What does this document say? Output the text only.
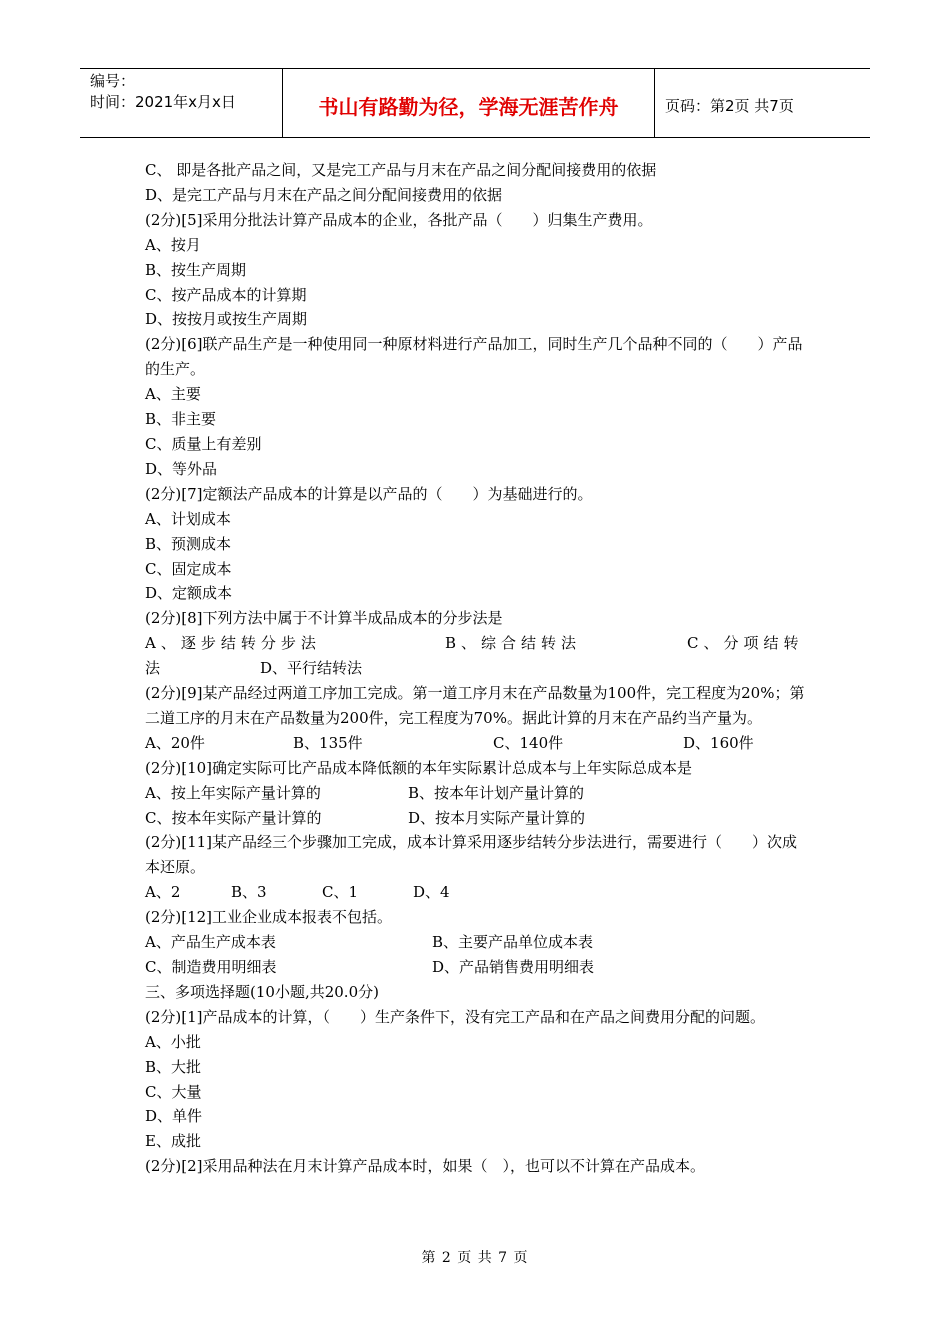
编号：
时间：2021年x月x日	书山有路勤为径，学海无涯苦作舟	页码：第2页 共7页
C、 即是各批产品之间，又是完工产品与月末在产品之间分配间接费用的依据
D、是完工产品与月末在产品之间分配间接费用的依据
(2分)[5]采用分批法计算产品成本的企业，各批产品（　　）归集生产费用。
A、按月
B、按生产周期
C、按产品成本的计算期
D、按按月或按生产周期
(2分)[6]联产品生产是一种使用同一种原材料进行产品加工，同时生产几个品种不同的（　　）产品的生产。
A、主要
B、非主要
C、质量上有差别
D、等外品
(2分)[7]定额法产品成本的计算是以产品的（　　）为基础进行的。
A、计划成本
B、预测成本
C、固定成本
D、定额成本
(2分)[8]下列方法中属于不计算半成品成本的分步法是
A、逐步结转分步法	B、综合结转法	C、分项结转
法	D、平行结转法
(2分)[9]某产品经过两道工序加工完成。第一道工序月末在产品数量为100件，完工程度为20%；第二道工序的月末在产品数量为200件，完工程度为70%。据此计算的月末在产品约当产量为。
A、20件	B、135件	C、140件	D、160件
(2分)[10]确定实际可比产品成本降低额的本年实际累计总成本与上年实际总成本是
A、按上年实际产量计算的	B、按本年计划产量计算的
C、按本年实际产量计算的	D、按本月实际产量计算的
(2分)[11]某产品经三个步骤加工完成，成本计算采用逐步结转分步法进行，需要进行（　　）次成本还原。
A、2	B、3	C、1	D、4
(2分)[12]工业企业成本报表不包括。
A、产品生产成本表	B、主要产品单位成本表
C、制造费用明细表	D、产品销售费用明细表
三、多项选择题(10小题,共20.0分)
(2分)[1]产品成本的计算，（　　）生产条件下，没有完工产品和在产品之间费用分配的问题。
A、小批
B、大批
C、大量
D、单件
E、成批
(2分)[2]采用品种法在月末计算产品成本时，如果（　），也可以不计算在产品成本。
第 2 页 共 7 页
